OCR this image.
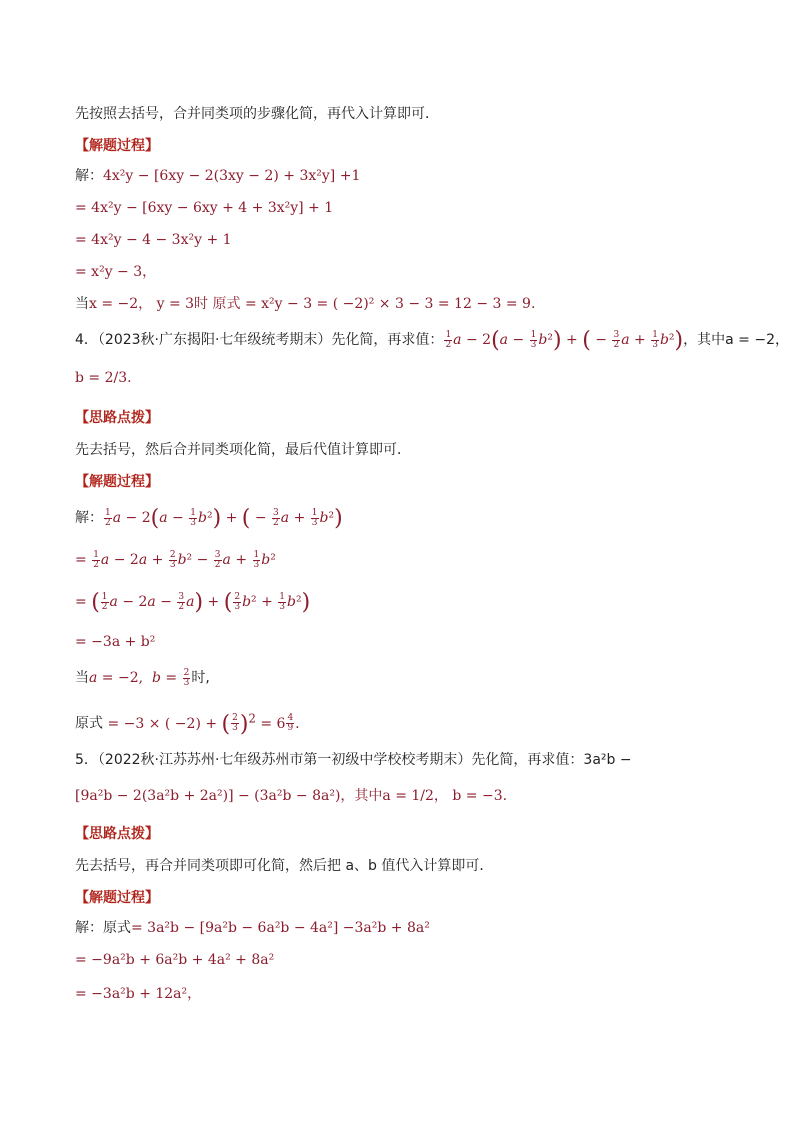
先按照去括号，合并同类项的步骤化简，再代入计算即可．
【解题过程】
解：4x²y − [6xy − 2(3xy − 2) + 3x²y] +1
= 4x²y − [6xy − 6xy + 4 + 3x²y] + 1
= 4x²y − 4 − 3x²y + 1
= x²y − 3，
当x = −2， y = 3时 原式 = x²y − 3 = ( −2)² × 3 − 3 = 12 − 3 = 9.
4．（2023秋·广东揭阳·七年级统考期末）先化简，再求值： $\frac{1}{2}$ $a - 2(a - \frac{1}{3} b^2)$ + ( − $\frac{3}{2}$ $a + \frac{1}{3} b^2$)，其中a = −2，
b = 2/3.
【思路点拨】
先去括号，然后合并同类项化简，最后代值计算即可．
【解题过程】
解： $\frac{1}{2}$ $a - 2(a - \frac{1}{3} b^2)$ + ( − $\frac{3}{2}$ $a + \frac{1}{3} b^2$)
= $\frac{1}{2}$ $a - 2a + \frac{2}{3} b^2 - \frac{3}{2}$ $a + \frac{1}{3} b^2$
= ( $\frac{1}{2}$ $a - 2a - \frac{3}{2} a$) + ( $\frac{2}{3} b^2 + \frac{1}{3} b^2$)
= −3a + b²
当a = −2,  $b = \frac{2}{3}$ 时,
原式 = −3 × ( −2) + ( $\frac{2}{3} )^2 = 6 \frac{4}{9}$ .
5．（2022秋·江苏苏州·七年级苏州市第一初级中学校校考期末）先化简，再求值：3a²b −
[9a²b − 2(3a²b + 2a²)] − (3a²b − 8a²)，其中a = 1/2， b = −3.
【思路点拨】
先去括号，再合并同类项即可化简，然后把 a、b 值代入计算即可．
【解题过程】
解：原式= 3a²b − [9a²b − 6a²b − 4a²] −3a²b + 8a²
= −9a²b + 6a²b + 4a² + 8a²
= −3a²b + 12a²，
